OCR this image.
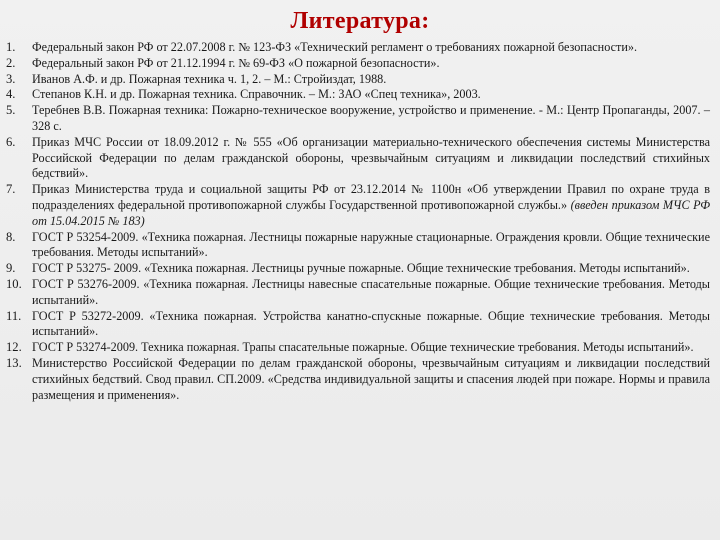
Литература:
1.	Федеральный закон РФ от 22.07.2008 г. № 123-ФЗ «Технический регламент о требованиях пожарной безопасности».
2.	Федеральный закон РФ от 21.12.1994 г. № 69-ФЗ «О пожарной безопасности».
3.	Иванов А.Ф. и др. Пожарная техника ч. 1, 2. – М.: Стройиздат, 1988.
4.	Степанов К.Н. и др. Пожарная техника. Справочник. – М.: ЗАО «Спец техника», 2003.
5.	Теребнев В.В. Пожарная техника: Пожарно-техническое вооружение, устройство и применение. - М.: Центр Пропаганды, 2007. – 328 с.
6.	Приказ МЧС России от 18.09.2012 г. № 555 «Об организации материально-технического обеспечения системы Министерства Российской Федерации по делам гражданской обороны, чрезвычайным ситуациям и ликвидации последствий стихийных бедствий».
7.	Приказ Министерства труда и социальной защиты РФ от 23.12.2014 № 1100н «Об утверждении Правил по охране труда в подразделениях федеральной противопожарной службы Государственной противопожарной службы.» (введен приказом МЧС РФ от 15.04.2015 № 183)
8.	ГОСТ Р 53254-2009. «Техника пожарная. Лестницы пожарные наружные стационарные. Ограждения кровли. Общие технические требования. Методы испытаний».
9.	ГОСТ Р 53275- 2009. «Техника пожарная. Лестницы ручные пожарные. Общие технические требования. Методы испытаний».
10. ГОСТ Р 53276-2009. «Техника пожарная. Лестницы навесные спасательные пожарные. Общие технические требования. Методы испытаний».
11. ГОСТ Р 53272-2009. «Техника пожарная. Устройства канатно-спускные пожарные. Общие технические требования. Методы испытаний».
12. ГОСТ Р 53274-2009. Техника пожарная. Трапы спасательные пожарные. Общие технические требования. Методы испытаний».
13. Министерство Российской Федерации по делам гражданской обороны, чрезвычайным ситуациям и ликвидации последствий стихийных бедствий. Свод правил. СП.2009. «Средства индивидуальной защиты и спасения людей при пожаре. Нормы и правила размещения и применения».
